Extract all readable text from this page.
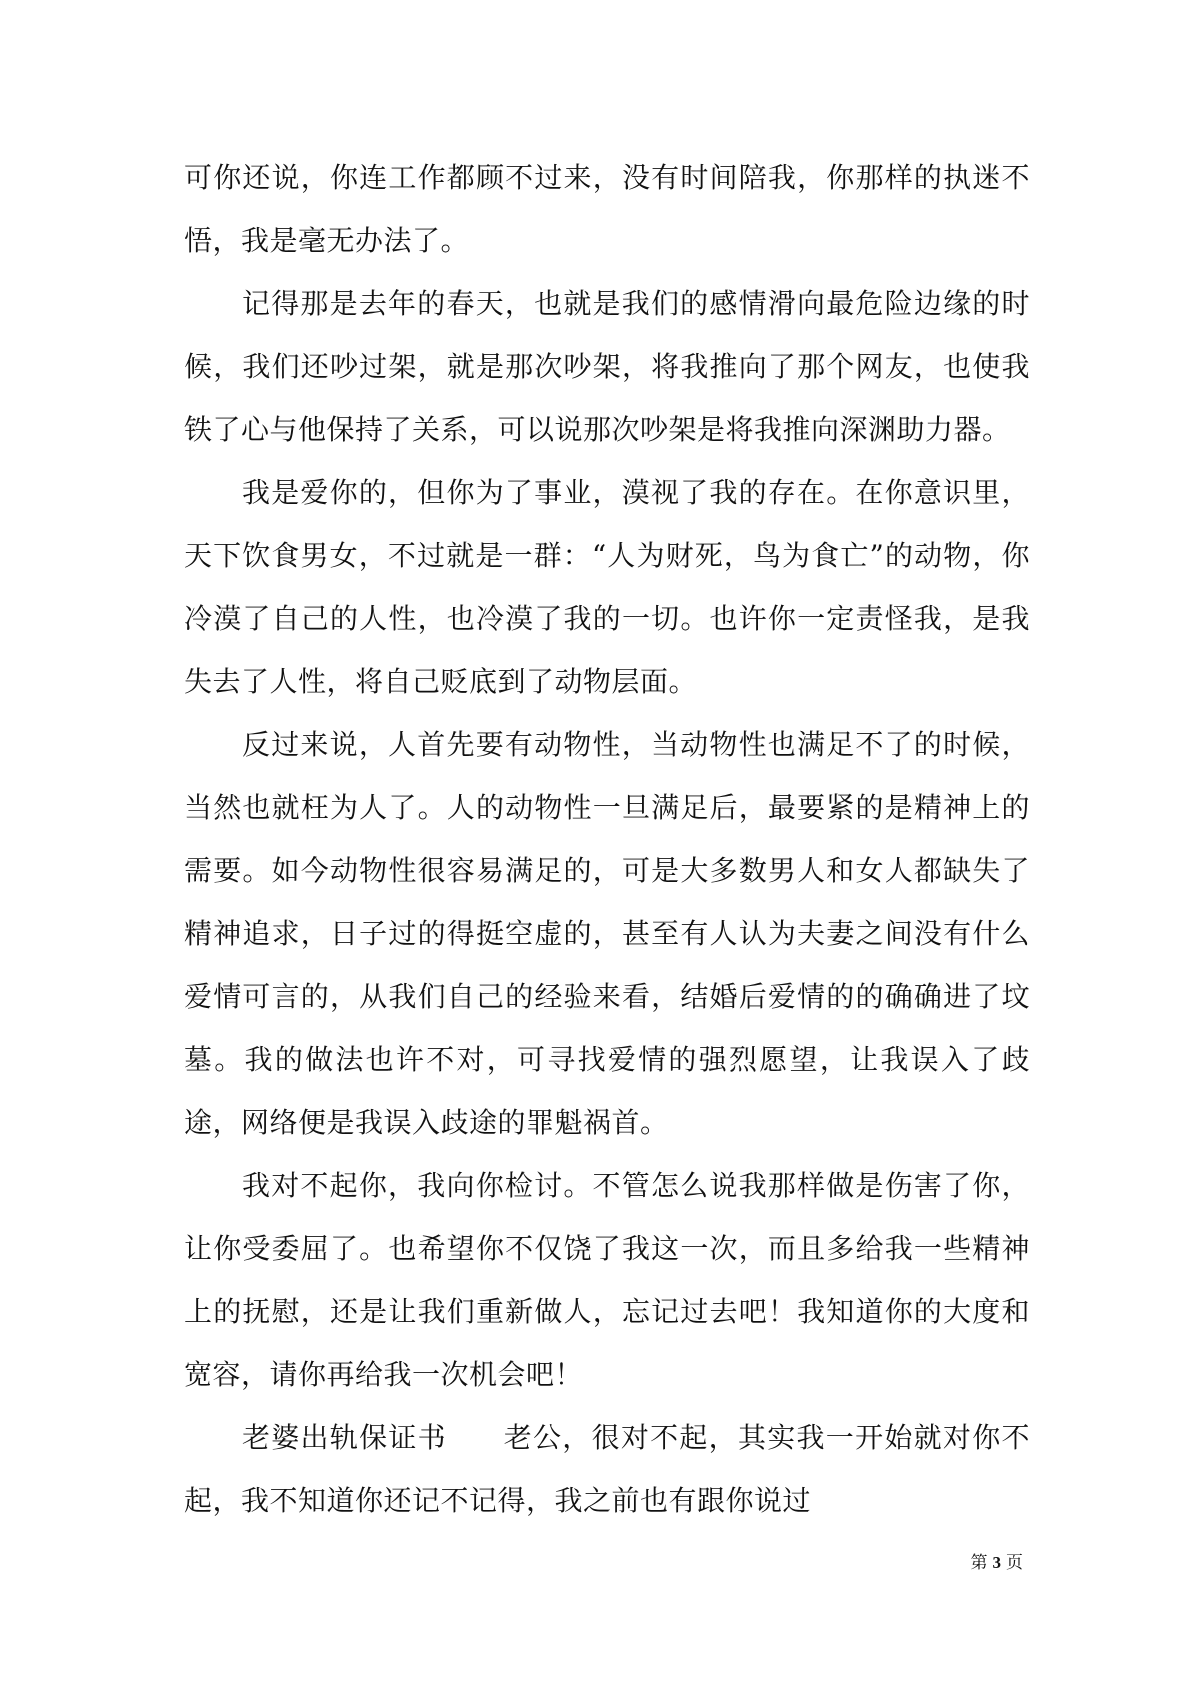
可你还说，你连工作都顾不过来，没有时间陪我，你那样的执迷不悟，我是毫无办法了。

记得那是去年的春天，也就是我们的感情滑向最危险边缘的时候，我们还吵过架，就是那次吵架，将我推向了那个网友，也使我铁了心与他保持了关系，可以说那次吵架是将我推向深渊助力器。

我是爱你的，但你为了事业，漠视了我的存在。在你意识里，天下饮食男女，不过就是一群：“人为财死，鸟为食亡”的动物，你冷漠了自己的人性，也冷漠了我的一切。也许你一定责怪我，是我失去了人性，将自己贬底到了动物层面。

反过来说，人首先要有动物性，当动物性也满足不了的时候，当然也就枉为人了。人的动物性一旦满足后，最要紧的是精神上的需要。如今动物性很容易满足的，可是大多数男人和女人都缺失了精神追求，日子过的得挺空虚的，甚至有人认为夫妻之间没有什么爱情可言的，从我们自己的经验来看，结婚后爱情的的确确进了坟墓。我的做法也许不对，可寻找爱情的强烈愿望，让我误入了歧途，网络便是我误入歧途的罪魁祸首。

我对不起你，我向你检讨。不管怎么说我那样做是伤害了你，让你受委屈了。也希望你不仅饶了我这一次，而且多给我一些精神上的抚慰，还是让我们重新做人，忘记过去吧！我知道你的大度和宽容，请你再给我一次机会吧！

老婆出轨保证书 老公，很对不起，其实我一开始就对你不起，我不知道你还记不记得，我之前也有跟你说过

第 3 页
